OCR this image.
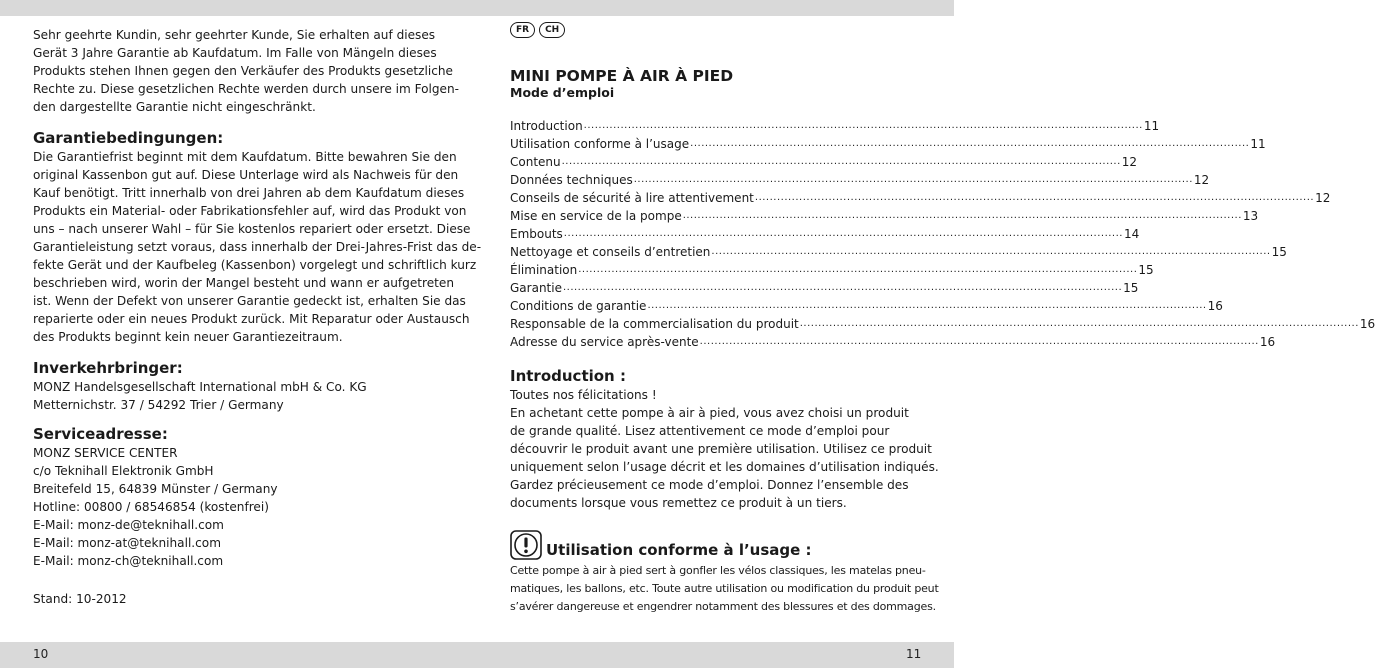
Sehr geehrte Kundin, sehr geehrter Kunde, Sie erhalten auf dieses

Gerät 3 Jahre Garantie ab Kaufdatum. Im Falle von Mängeln dieses

Produkts stehen Ihnen gegen den Verkäufer des Produkts gesetzliche

Rechte zu. Diese gesetzlichen Rechte werden durch unsere im Folgen-

den dargestellte Garantie nicht eingeschränkt.

Garantiebedingungen:

Die Garantiefrist beginnt mit dem Kaufdatum. Bitte bewahren Sie den

original Kassenbon gut auf. Diese Unterlage wird als Nachweis für den

Kauf benötigt. Tritt innerhalb von drei Jahren ab dem Kaufdatum dieses

Produkts ein Material- oder Fabrikationsfehler auf, wird das Produkt von

uns – nach unserer Wahl – für Sie kostenlos repariert oder ersetzt. Diese

Garantieleistung setzt voraus, dass innerhalb der Drei-Jahres-Frist das de-

fekte Gerät und der Kaufbeleg (Kassenbon) vorgelegt und schriftlich kurz

beschrieben wird, worin der Mangel besteht und wann er aufgetreten

ist. Wenn der Defekt von unserer Garantie gedeckt ist, erhalten Sie das

reparierte oder ein neues Produkt zurück. Mit Reparatur oder Austausch

des Produkts beginnt kein neuer Garantiezeitraum.

Inverkehrbringer:

MONZ Handelsgesellschaft International mbH & Co. KG

Metternichstr. 37 / 54292 Trier / Germany

Serviceadresse:

MONZ SERVICE CENTER

c/o Teknihall Elektronik GmbH

Breitefeld 15, 64839 Münster / Germany

Hotline: 00800 / 68546854 (kostenfrei)

E-Mail: monz-de@teknihall.com

E-Mail: monz-at@teknihall.com

E-Mail: monz-ch@teknihall.com

Stand: 10-2012

FR	CH
MINI POMPE À AIR À PIED

Mode d’emploi

Introduction ........................................................................................................................................................ 11
Utilisation conforme à l’usage ........................................................................................................................................................ 11
Contenu ........................................................................................................................................................ 12
Données techniques ........................................................................................................................................................ 12
Conseils de sécurité à lire attentivement ........................................................................................................................................................ 12
Mise en service de la pompe ........................................................................................................................................................ 13
Embouts ........................................................................................................................................................ 14
Nettoyage et conseils d’entretien ........................................................................................................................................................ 15
Élimination ........................................................................................................................................................ 15
Garantie ........................................................................................................................................................ 15
Conditions de garantie ........................................................................................................................................................ 16
Responsable de la commercialisation du produit ........................................................................................................................................................ 16
Adresse du service après-vente ........................................................................................................................................................ 16
Introduction :

Toutes nos félicitations !

En achetant cette pompe à air à pied, vous avez choisi un produit

de grande qualité. Lisez attentivement ce mode d’emploi pour

découvrir le produit avant une première utilisation. Utilisez ce produit

uniquement selon l’usage décrit et les domaines d’utilisation indiqués.

Gardez précieusement ce mode d’emploi. Donnez l’ensemble des

documents lorsque vous remettez ce produit à un tiers.

Utilisation conforme à l’usage :

Cette pompe à air à pied sert à gonfler les vélos classiques, les matelas pneu-

matiques, les ballons, etc. Toute autre utilisation ou modification du produit peut

s’avérer dangereuse et engendrer notamment des blessures et des dommages.

10	11
